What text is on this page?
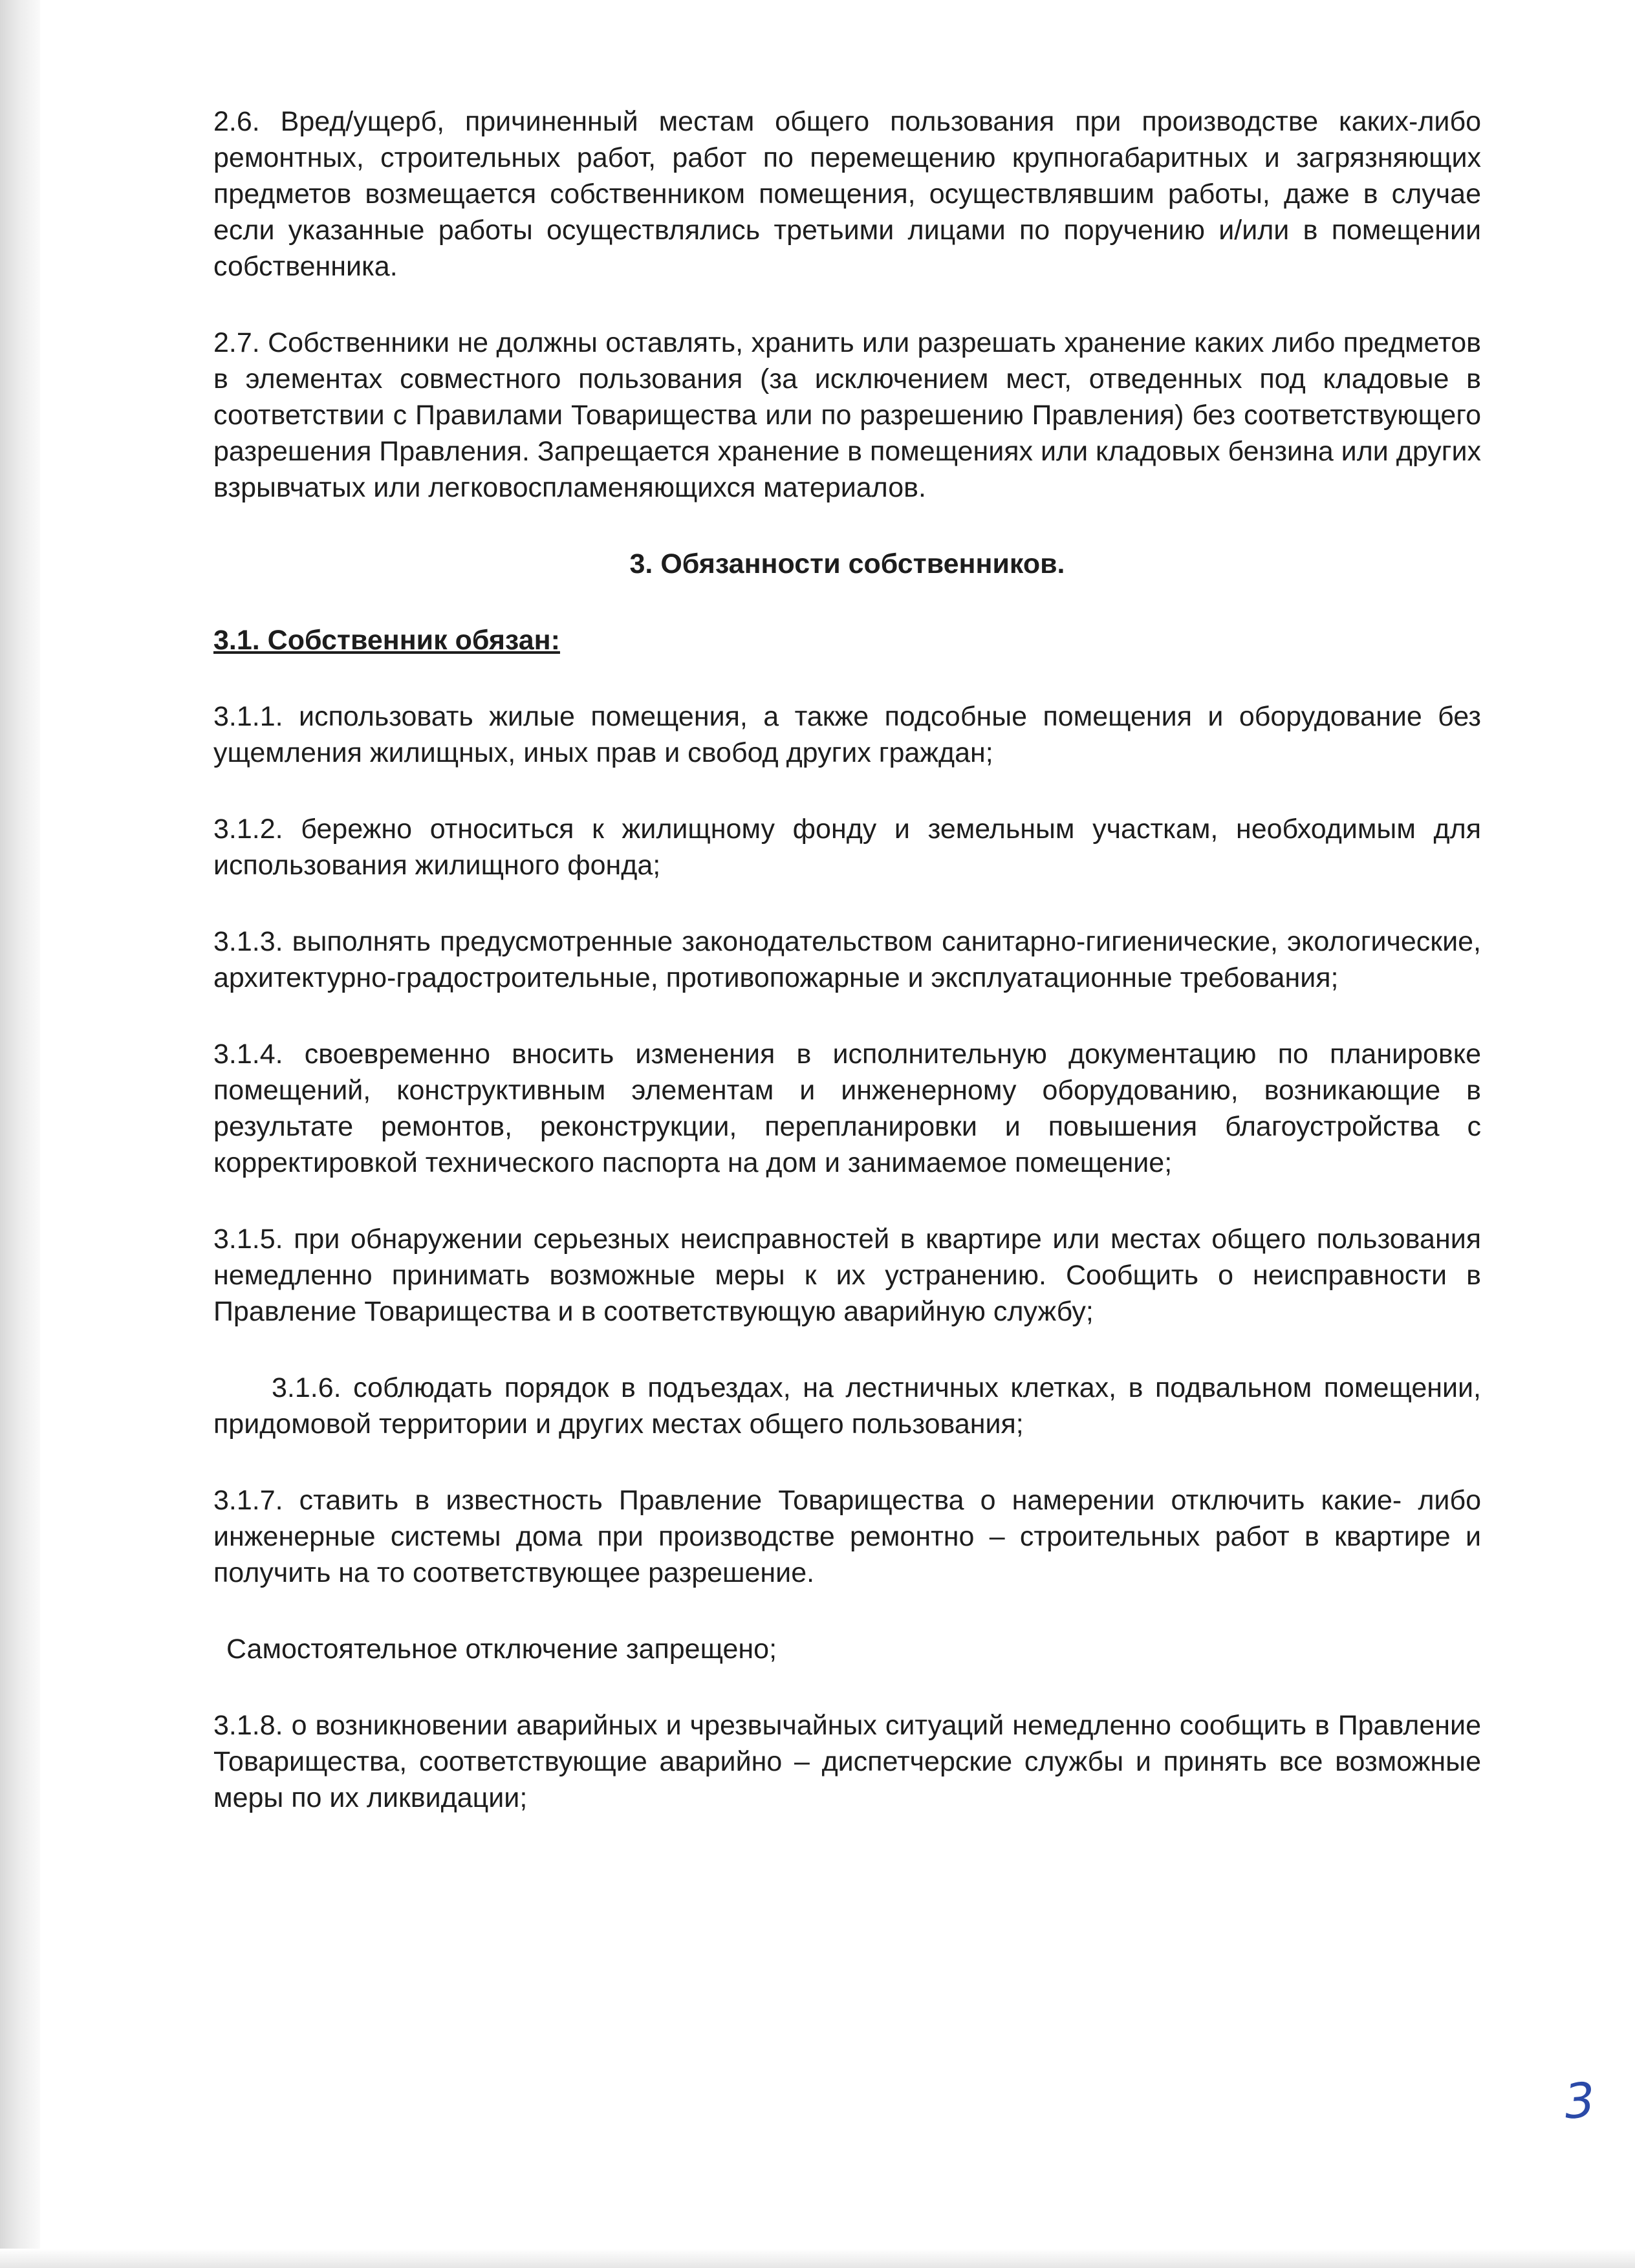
2.6. Вред/ущерб, причиненный местам общего пользования при производстве каких-либо ремонтных, строительных работ, работ по перемещению крупногабаритных и загрязняющих предметов возмещается собственником помещения, осуществлявшим работы, даже в случае если указанные работы осуществлялись третьими лицами по поручению и/или в помещении собственника.

2.7. Собственники не должны оставлять, хранить или разрешать хранение каких либо предметов в элементах совместного пользования (за исключением мест, отведенных под кладовые в соответствии с Правилами Товарищества или по разрешению Правления) без соответствующего разрешения Правления. Запрещается хранение в помещениях или кладовых бензина или других взрывчатых или легковоспламеняющихся материалов.

3. Обязанности собственников.

3.1. Собственник обязан:

3.1.1. использовать жилые помещения, а также подсобные помещения и оборудование без ущемления жилищных, иных прав и свобод других граждан;

3.1.2. бережно относиться к жилищному фонду и земельным участкам, необходимым для использования жилищного фонда;

3.1.3. выполнять предусмотренные законодательством санитарно-гигиенические, экологические, архитектурно-градостроительные, противопожарные и эксплуатационные требования;

3.1.4. своевременно вносить изменения в исполнительную документацию по планировке помещений, конструктивным элементам и инженерному оборудованию, возникающие в результате ремонтов, реконструкции, перепланировки и повышения благоустройства с корректировкой технического паспорта на дом и занимаемое помещение;

3.1.5. при обнаружении серьезных неисправностей в квартире или местах общего пользования немедленно принимать возможные меры к их устранению. Сообщить о неисправности в Правление Товарищества и в соответствующую аварийную службу;

3.1.6. соблюдать порядок в подъездах, на лестничных клетках, в подвальном помещении, придомовой территории и других местах общего пользования;

3.1.7. ставить в известность Правление Товарищества о намерении отключить какие- либо инженерные системы дома при производстве ремонтно – строительных работ в квартире и получить на то соответствующее разрешение.

Самостоятельное отключение запрещено;

3.1.8. о возникновении аварийных и чрезвычайных ситуаций немедленно сообщить в Правление Товарищества, соответствующие аварийно – диспетчерские службы и принять все возможные меры по их ликвидации;

3
